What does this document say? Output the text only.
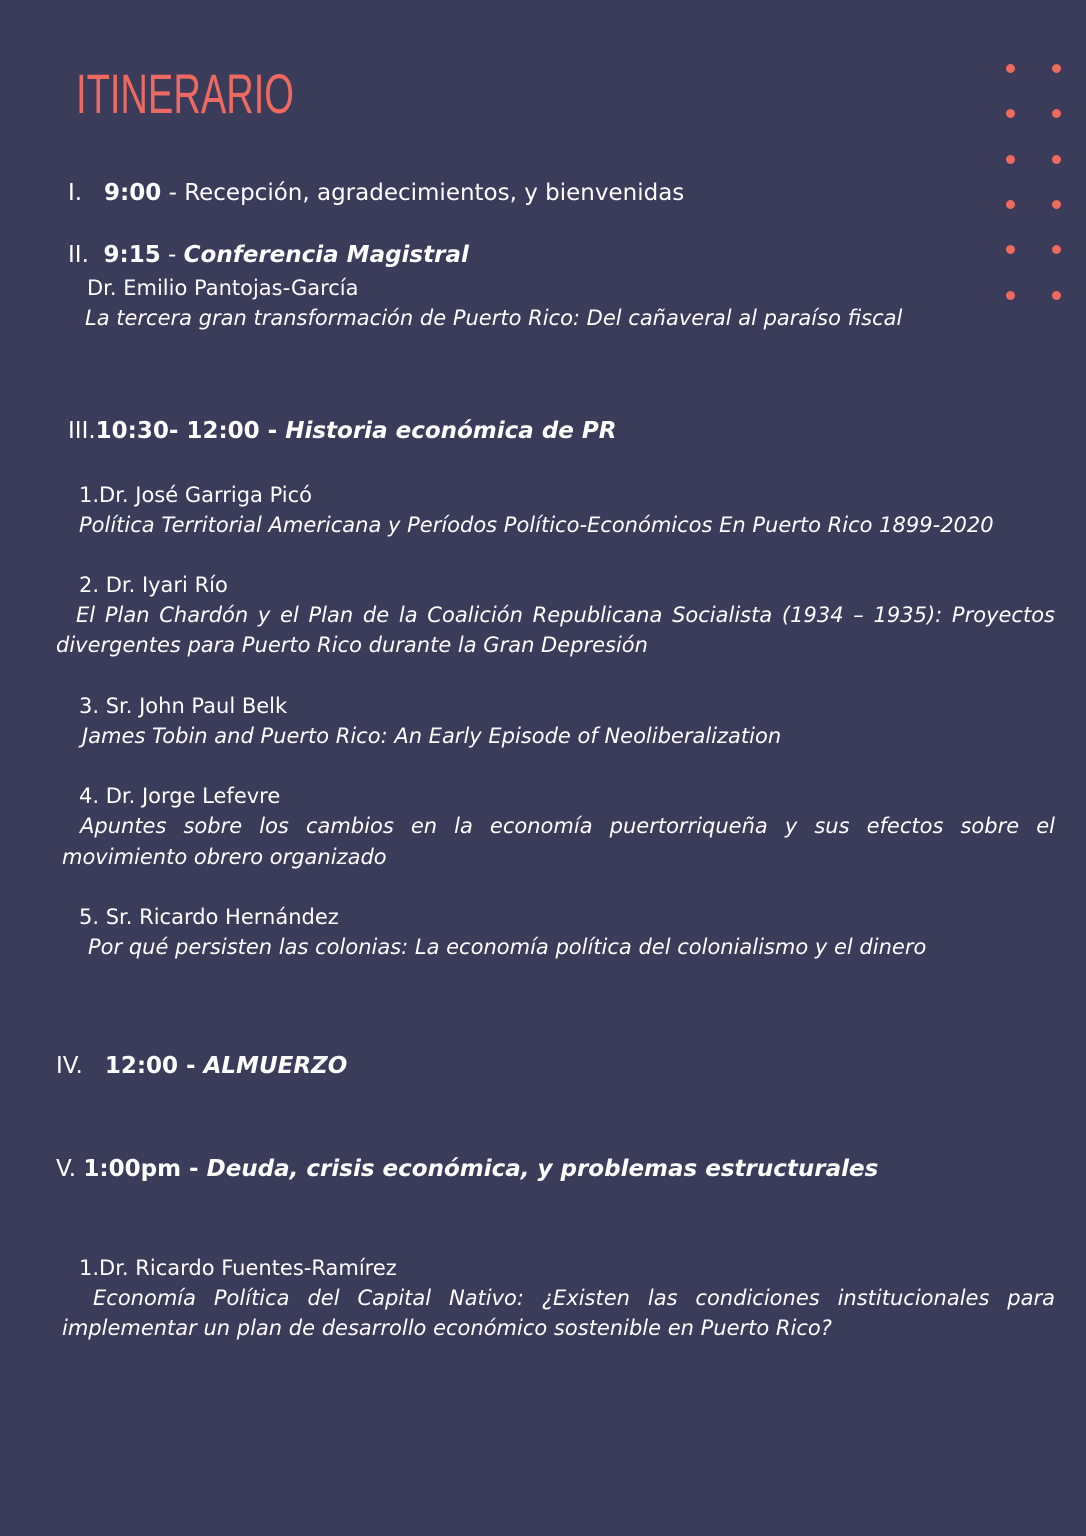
ITINERARIO
I. 9:00 - Recepción, agradecimientos, y bienvenidas
II. 9:15 - Conferencia Magistral
Dr. Emilio Pantojas-García
La tercera gran transformación de Puerto Rico: Del cañaveral al paraíso fiscal
III.10:30- 12:00 - Historia económica de PR
1.Dr. José Garriga Picó
Política Territorial Americana y Períodos Político-Económicos En Puerto Rico 1899-2020
2. Dr. Iyari Río
El Plan Chardón y el Plan de la Coalición Republicana Socialista (1934 – 1935): Proyectos
divergentes para Puerto Rico durante la Gran Depresión
3. Sr. John Paul Belk
James Tobin and Puerto Rico: An Early Episode of Neoliberalization
4. Dr. Jorge Lefevre
Apuntes sobre los cambios en la economía puertorriqueña y sus efectos sobre el
movimiento obrero organizado
5. Sr. Ricardo Hernández
Por qué persisten las colonias: La economía política del colonialismo y el dinero
IV. 12:00 - ALMUERZO
V. 1:00pm - Deuda, crisis económica, y problemas estructurales
1.Dr. Ricardo Fuentes-Ramírez
Economía Política del Capital Nativo: ¿Existen las condiciones institucionales para
implementar un plan de desarrollo económico sostenible en Puerto Rico?
